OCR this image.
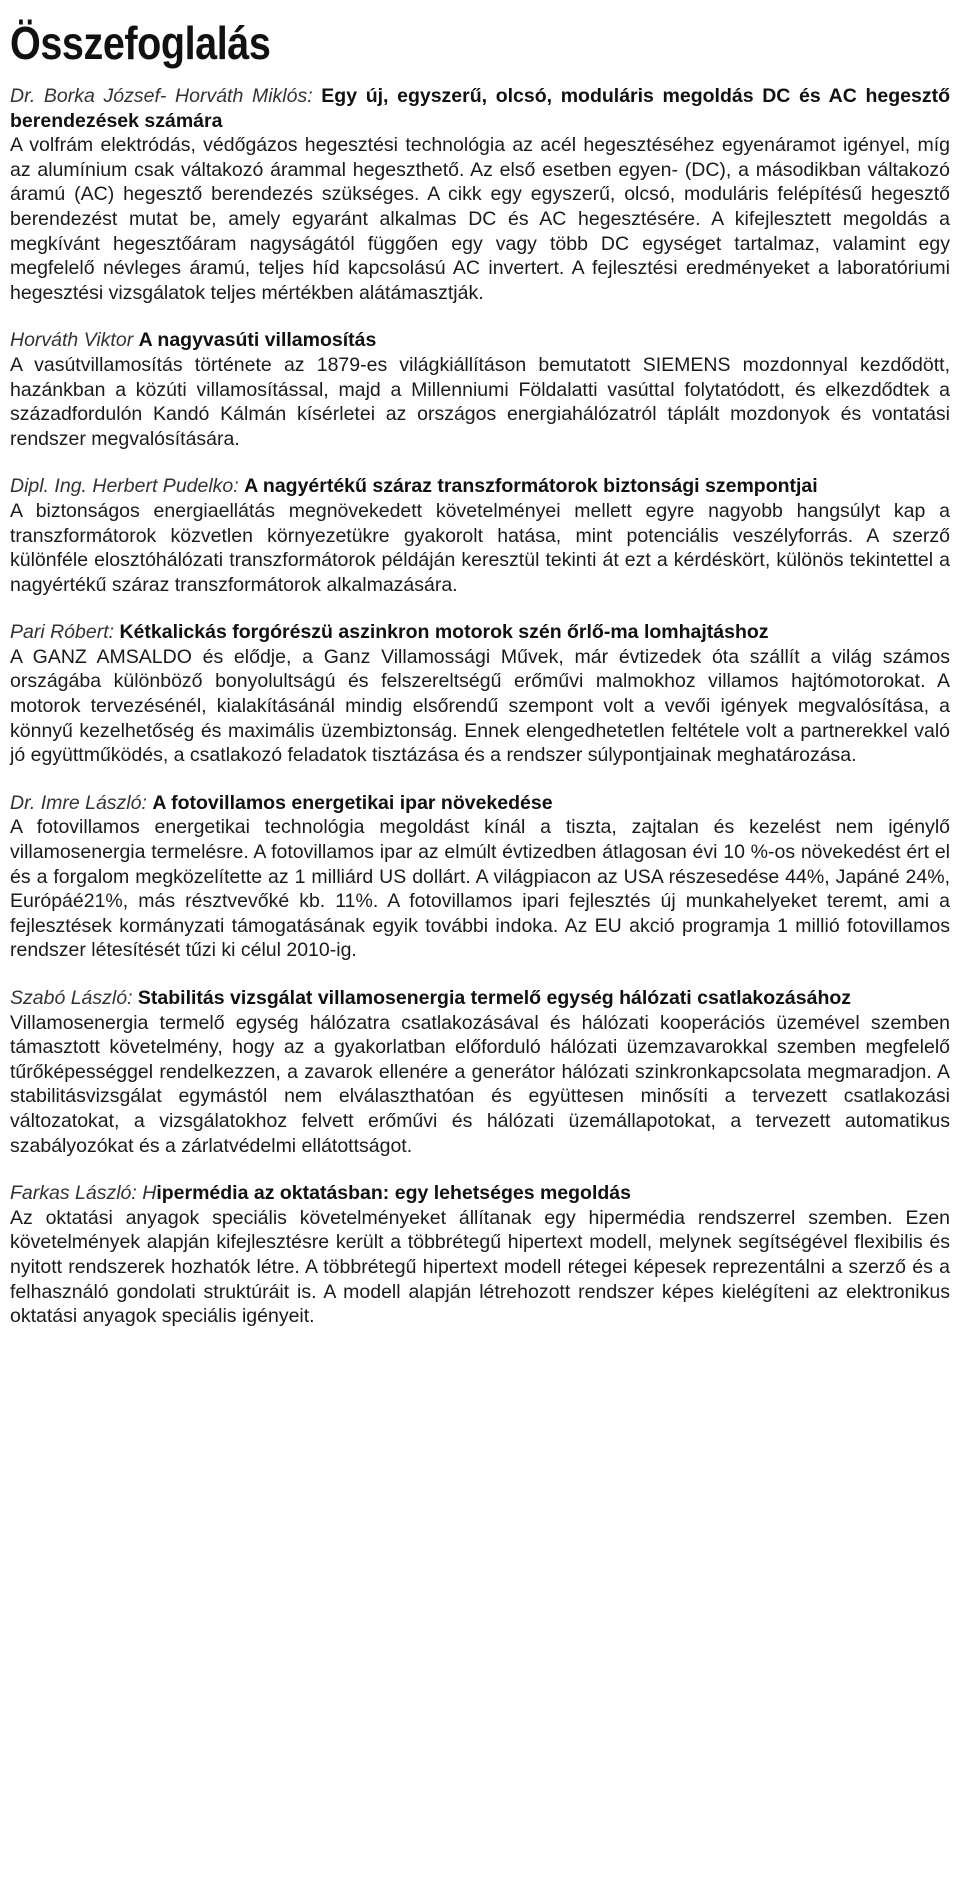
Összefoglalás

Dr. Borka József- Horváth Miklós: Egy új, egyszerű, olcsó, moduláris megoldás DC és AC hegesztő berendezések számára
A volfrám elektródás, védőgázos hegesztési technológia az acél hegesztéséhez egyenáramot igényel, míg az alumínium csak váltakozó árammal hegeszthető. Az első esetben egyen- (DC), a másodikban váltakozó áramú (AC) hegesztő berendezés szükséges. A cikk egy egyszerű, olcsó, moduláris felépítésű hegesztő berendezést mutat be, amely egyaránt alkalmas DC és AC hegesztésére. A kifejlesztett megoldás a megkívánt hegesztőáram nagyságától függően egy vagy több DC egységet tartalmaz, valamint egy megfelelő névleges áramú, teljes híd kapcsolású AC invertert. A fejlesztési eredményeket a laboratóriumi hegesztési vizsgálatok teljes mértékben alátámasztják.

Horváth Viktor A nagyvasúti villamosítás
A vasútvillamosítás története az 1879-es világkiállításon bemutatott SIEMENS mozdonnyal kezdődött, hazánkban a közúti villamosítással, majd a Millenniumi Földalatti vasúttal folytatódott, és elkezdődtek a századfordulón Kandó Kálmán kísérletei az országos energiahálózatról táplált mozdonyok és vontatási rendszer megvalósítására.

Dipl. Ing. Herbert Pudelko: A nagyértékű száraz transzformátorok biztonsági szempontjai
A biztonságos energiaellátás megnövekedett követelményei mellett egyre nagyobb hangsúlyt kap a transzformátorok közvetlen környezetükre gyakorolt hatása, mint potenciális veszélyforrás. A szerző különféle elosztóhálózati transzformátorok példáján keresztül tekinti át ezt a kérdéskört, különös tekintettel a nagyértékű száraz transzformátorok alkalmazására.

Pari Róbert: Kétkalickás forgórészü aszinkron motorok szén őrlő-ma lomhajtáshoz
A GANZ AMSALDO és elődje, a Ganz Villamossági Művek, már évtizedek óta szállít a világ számos országába különböző bonyolultságú és felszereltségű erőművi malmokhoz villamos hajtómotorokat. A motorok tervezésénél, kialakításánál mindig elsőrendű szempont volt a vevői igények megvalósítása, a könnyű kezelhetőség és maximális üzembiztonság. Ennek elengedhetetlen feltétele volt a partnerekkel való jó együttműködés, a csatlakozó feladatok tisztázása és a rendszer súlypontjainak meghatározása.

Dr. Imre László: A fotovillamos energetikai ipar növekedése
A fotovillamos energetikai technológia megoldást kínál a tiszta, zajtalan és kezelést nem igénylő villamosenergia termelésre. A fotovillamos ipar az elmúlt évtizedben átlagosan évi 10 %-os növekedést ért el és a forgalom megközelítette az 1 milliárd US dollárt. A világpiacon az USA részesedése 44%, Japáné 24%, Európáé21%, más résztvevőké kb. 11%. A fotovillamos ipari fejlesztés új munkahelyeket teremt, ami a fejlesztések kormányzati támogatásának egyik további indoka. Az EU akció programja 1 millió fotovillamos rendszer létesítését tűzi ki célul 2010-ig.

Szabó László: Stabilitás vizsgálat villamosenergia termelő egység hálózati csatlakozásához
Villamosenergia termelő egység hálózatra csatlakozásával és hálózati kooperációs üzemével szemben támasztott követelmény, hogy az a gyakorlatban előforduló hálózati üzemzavarokkal szemben megfelelő tűrőképességgel rendelkezzen, a zavarok ellenére a generátor hálózati szinkronkapcsolata megmaradjon. A stabilitásvizsgálat egymástól nem elválaszthatóan és együttesen minősíti a tervezett csatlakozási változatokat, a vizsgálatokhoz felvett erőművi és hálózati üzemállapotokat, a tervezett automatikus szabályozókat és a zárlatvédelmi ellátottságot.

Farkas László: Hipermédia az oktatásban: egy lehetséges megoldás
Az oktatási anyagok speciális követelményeket állítanak egy hipermédia rendszerrel szemben. Ezen követelmények alapján kifejlesztésre került a többrétegű hipertext modell, melynek segítségével flexibilis és nyitott rendszerek hozhatók létre. A többrétegű hipertext modell rétegei képesek reprezentálni a szerző és a felhasználó gondolati struktúráit is. A modell alapján létrehozott rendszer képes kielégíteni az elektronikus oktatási anyagok speciális igényeit.
